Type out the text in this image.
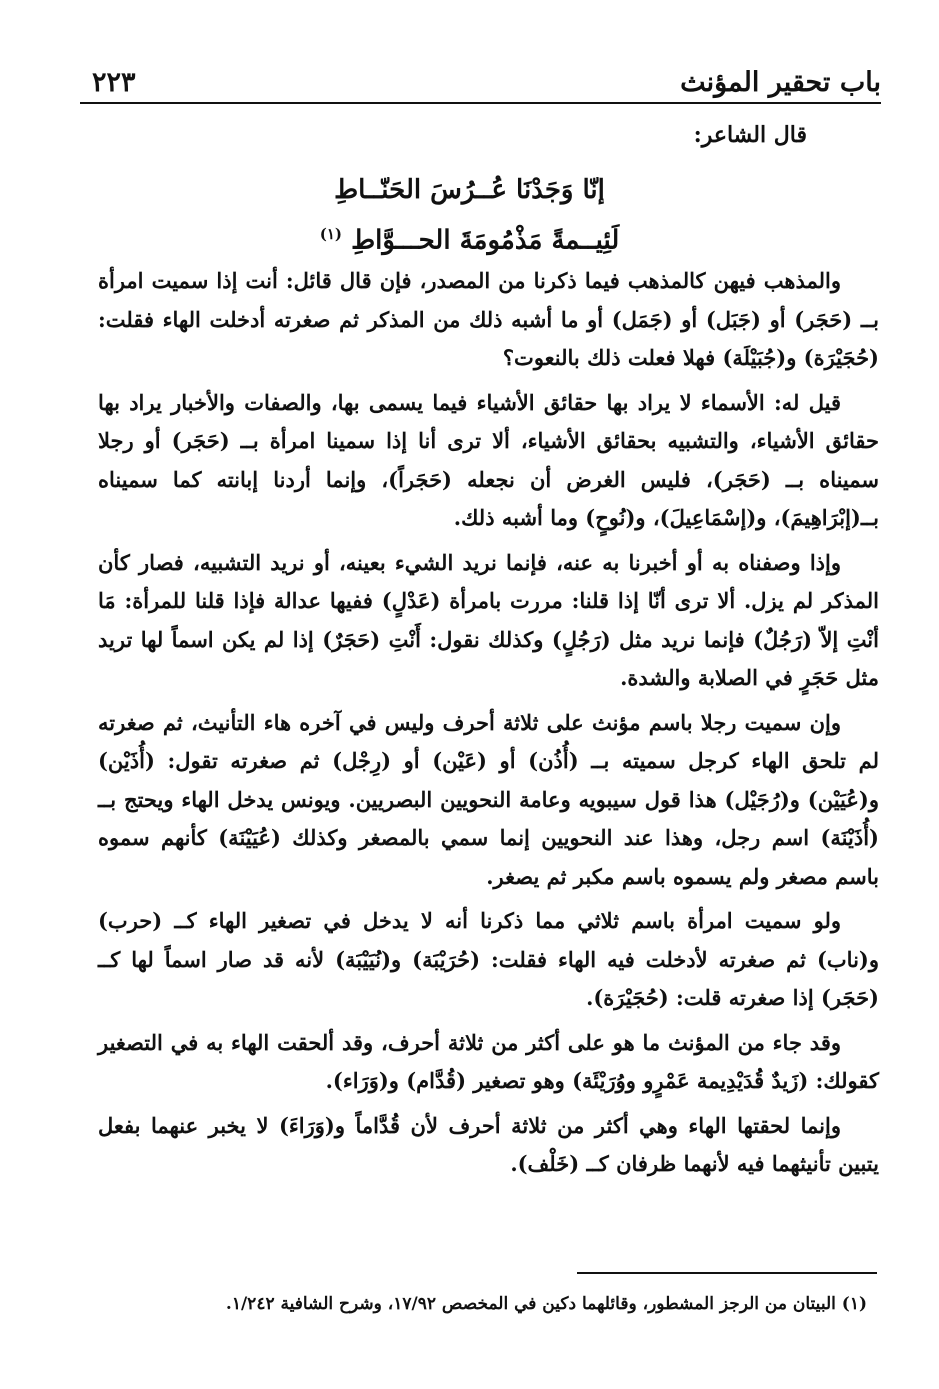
باب تحقير المؤنث
٢٢٣
قال الشاعر:
إنّا وَجَدْنَا عُــرُسَ الحَنّــاطِ
لَئِيــمةً مَذْمُومَةَ الحـــوَّاطِ $^{(١)}$

والمذهب فيهن كالمذهب فيما ذكرنا من المصدر، فإن قال قائل: أنت إذا سميت امرأة بــ (حَجَر) أو (جَبَل) أو (جَمَل) أو ما أشبه ذلك من المذكر ثم صغرته أدخلت الهاء فقلت: (حُجَيْرَة) و(جُبَيْلَة) فهلا فعلت ذلك بالنعوت؟

قيل له: الأسماء لا يراد بها حقائق الأشياء فيما يسمى بها، والصفات والأخبار يراد بها حقائق الأشياء، والتشبيه بحقائق الأشياء، ألا ترى أنا إذا سمينا امرأة بــ (حَجَر) أو رجلا سميناه بــ (حَجَر)، فليس الغرض أن نجعله (حَجَراً)، وإنما أردنا إبانته كما سميناه بــ(إبْرَاهِيمَ)، و(إسْمَاعِيلَ)، و(نُوحٍ) وما أشبه ذلك.

وإذا وصفناه به أو أخبرنا به عنه، فإنما نريد الشيء بعينه، أو نريد التشبيه، فصار كأن المذكر لم يزل. ألا ترى أنّا إذا قلنا: مررت بامرأة (عَدْلٍ) ففيها عدالة فإذا قلنا للمرأة: مَا أنْتِ إلاّ (رَجُلٌ) فإنما نريد مثل (رَجُلٍ) وكذلك نقول: أَنْتِ (حَجَرٌ) إذا لم يكن اسماً لها تريد مثل حَجَرٍ في الصلابة والشدة.

وإن سميت رجلا باسم مؤنث على ثلاثة أحرف وليس في آخره هاء التأنيث، ثم صغرته لم تلحق الهاء كرجل سميته بــ (أُذُن) أو (عَيْن) أو (رِجْل) ثم صغرته تقول: (أُذَيْن) و(عُيَيْن) و(رُجَيْل) هذا قول سيبويه وعامة النحويين البصريين. ويونس يدخل الهاء ويحتج بــ (أُذَيْنَة) اسم رجل، وهذا عند النحويين إنما سمي بالمصغر وكذلك (عُيَيْنَة) كأنهم سموه باسم مصغر ولم يسموه باسم مكبر ثم يصغر.

ولو سميت امرأة باسم ثلاثي مما ذكرنا أنه لا يدخل في تصغير الهاء كــ (حرب) و(ناب) ثم صغرته لأدخلت فيه الهاء فقلت: (حُرَيْبَة) و(نُيَيْبَة) لأنه قد صار اسماً لها كــ (حَجَر) إذا صغرته قلت: (حُجَيْرَة).

وقد جاء من المؤنث ما هو على أكثر من ثلاثة أحرف، وقد ألحقت الهاء به في التصغير كقولك: (زَيدٌ قُدَيْدِيمة عَمْرٍو ووُرَيْئَة) وهو تصغير (قُدَّام) و(وَرَاء).

وإنما لحقتها الهاء وهي أكثر من ثلاثة أحرف لأن قُدَّاماً و(وَرَاءَ) لا يخبر عنهما بفعل يتبين تأنيثهما فيه لأنهما ظرفان كــ (خَلْف).

(١) البيتان من الرجز المشطور، وقائلهما دكين في المخصص ١٧/٩٢، وشرح الشافية ١/٢٤٢.
